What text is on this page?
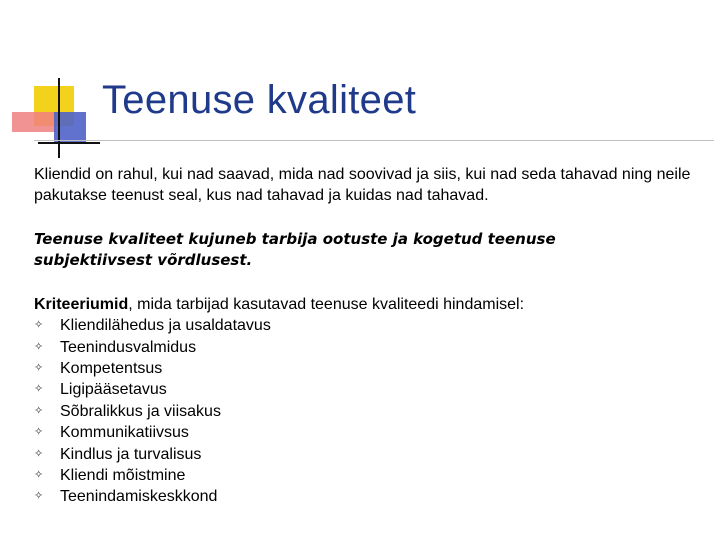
Teenuse kvaliteet
Kliendid on rahul, kui nad saavad, mida nad soovivad ja siis, kui nad seda tahavad ning neile pakutakse teenust seal, kus nad tahavad ja kuidas nad tahavad.
Teenuse kvaliteet kujuneb tarbija ootuste ja kogetud teenuse subjektiivsest võrdlusest.
Kriteeriumid, mida tarbijad kasutavad teenuse kvaliteedi hindamisel:
✧	Kliendilähedus ja usaldatavus
✧	Teenindusvalmidus
✧	Kompetentsus
✧	Ligipääsetavus
✧	Sõbralikkus ja viisakus
✧	Kommunikatiivsus
✧	Kindlus ja turvalisus
✧	Kliendi mõistmine
✧	Teenindamiskeskkond
